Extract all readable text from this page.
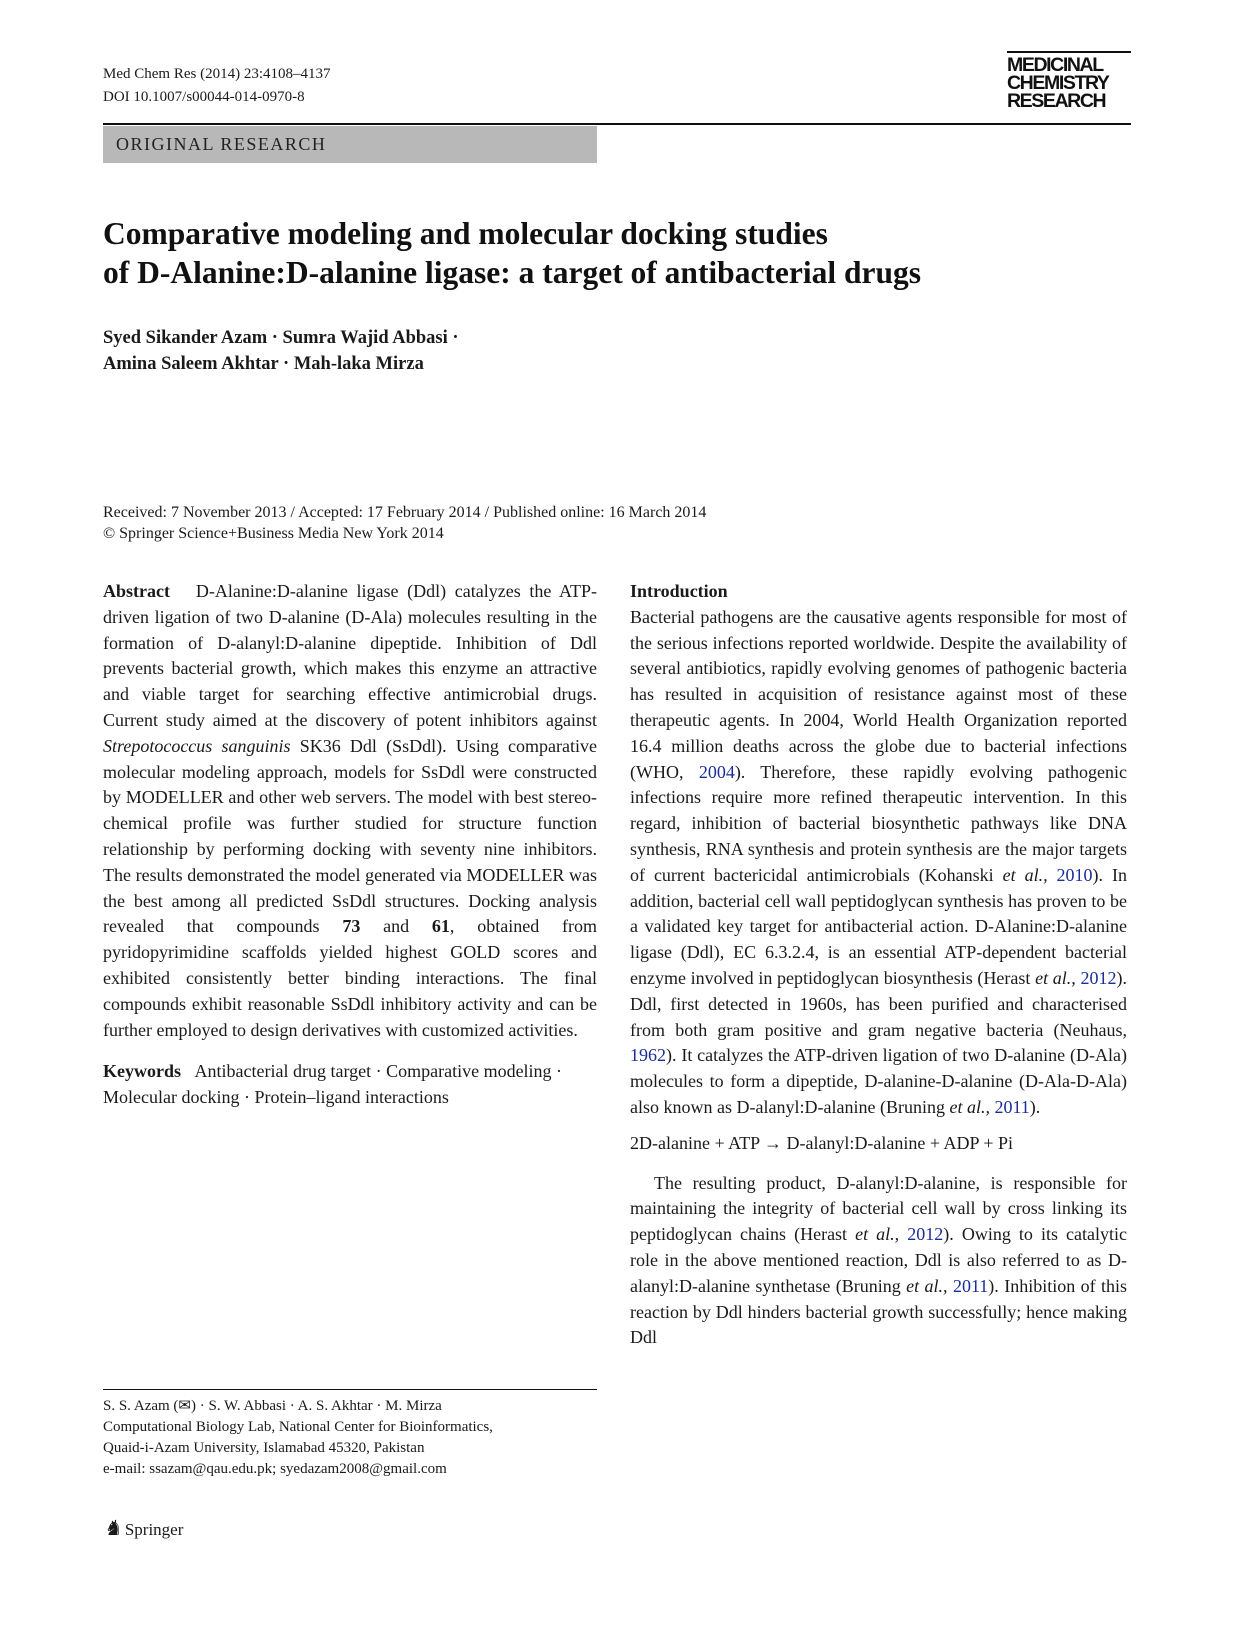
Med Chem Res (2014) 23:4108–4137
DOI 10.1007/s00044-014-0970-8
MEDICINAL
CHEMISTRY
RESEARCH
ORIGINAL RESEARCH
Comparative modeling and molecular docking studies
of D-Alanine:D-alanine ligase: a target of antibacterial drugs
Syed Sikander Azam · Sumra Wajid Abbasi ·
Amina Saleem Akhtar · Mah-laka Mirza
Received: 7 November 2013 / Accepted: 17 February 2014 / Published online: 16 March 2014
© Springer Science+Business Media New York 2014

Abstract D-Alanine:D-alanine ligase (Ddl) catalyzes the ATP-driven ligation of two D-alanine (D-Ala) molecules resulting in the formation of D-alanyl:D-alanine dipeptide. Inhibition of Ddl prevents bacterial growth, which makes this enzyme an attractive and viable target for searching effective antimicrobial drugs. Current study aimed at the discovery of potent inhibitors against Strepotococcus sanguinis SK36 Ddl (SsDdl). Using comparative molecular modeling approach, models for SsDdl were constructed by MODELLER and other web servers. The model with best stereo-chemical profile was further studied for structure function relationship by performing docking with seventy nine inhibitors. The results demonstrated the model generated via MODELLER was the best among all predicted SsDdl structures. Docking analysis revealed that compounds 73 and 61, obtained from pyridopyrimidine scaffolds yielded highest GOLD scores and exhibited consistently better binding interactions. The final compounds exhibit reasonable SsDdl inhibitory activity and can be further employed to design derivatives with customized activities.

Keywords Antibacterial drug target · Comparative modeling · Molecular docking · Protein–ligand interactions

S. S. Azam (✉) · S. W. Abbasi · A. S. Akhtar · M. Mirza
Computational Biology Lab, National Center for Bioinformatics,
Quaid-i-Azam University, Islamabad 45320, Pakistan
e-mail: ssazam@qau.edu.pk; syedazam2008@gmail.com
♞ Springer

Introduction

Bacterial pathogens are the causative agents responsible for most of the serious infections reported worldwide. Despite the availability of several antibiotics, rapidly evolving genomes of pathogenic bacteria has resulted in acquisition of resistance against most of these therapeutic agents. In 2004, World Health Organization reported 16.4 million deaths across the globe due to bacterial infections (WHO, 2004). Therefore, these rapidly evolving pathogenic infections require more refined therapeutic intervention. In this regard, inhibition of bacterial biosynthetic pathways like DNA synthesis, RNA synthesis and protein synthesis are the major targets of current bactericidal antimicrobials (Kohanski et al., 2010). In addition, bacterial cell wall peptidoglycan synthesis has proven to be a validated key target for antibacterial action. D-Alanine:D-alanine ligase (Ddl), EC 6.3.2.4, is an essential ATP-dependent bacterial enzyme involved in peptidoglycan biosynthesis (Herast et al., 2012). Ddl, first detected in 1960s, has been purified and characterised from both gram positive and gram negative bacteria (Neuhaus, 1962). It catalyzes the ATP-driven ligation of two D-alanine (D-Ala) molecules to form a dipeptide, D-alanine-D-alanine (D-Ala-D-Ala) also known as D-alanyl:D-alanine (Bruning et al., 2011).

2D-alanine + ATP → D-alanyl:D-alanine + ADP + Pi

The resulting product, D-alanyl:D-alanine, is responsible for maintaining the integrity of bacterial cell wall by cross linking its peptidoglycan chains (Herast et al., 2012). Owing to its catalytic role in the above mentioned reaction, Ddl is also referred to as D-alanyl:D-alanine synthetase (Bruning et al., 2011). Inhibition of this reaction by Ddl hinders bacterial growth successfully; hence making Ddl
